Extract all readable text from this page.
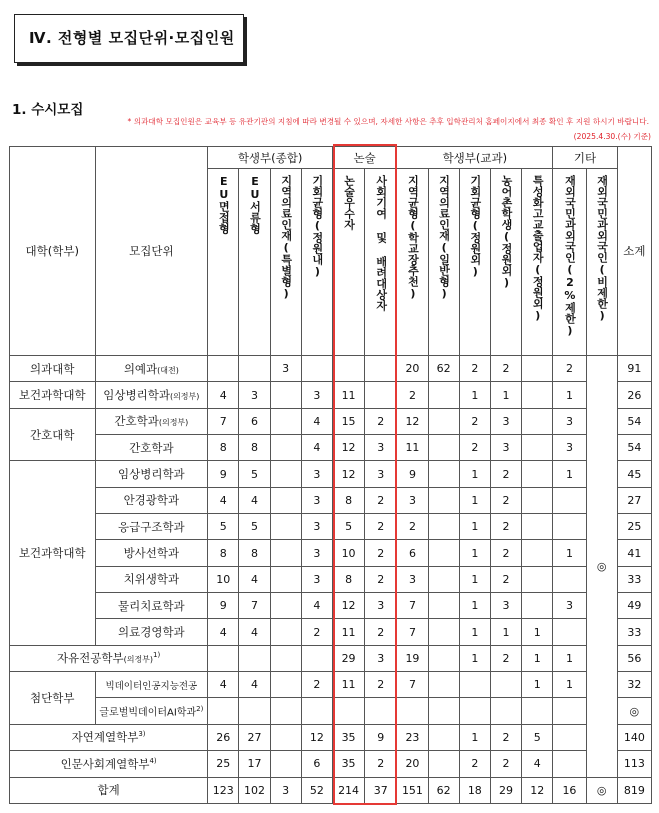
Ⅳ. 전형별 모집단위·모집인원
1. 수시모집
* 의과대학 모집인원은 교육부 등 유관기관의 지침에 따라 변경될 수 있으며, 자세한 사항은 추후 입학관리처 홈페이지에서 최종 확인 후 지원 하시기 바랍니다.
(2025.4.30.(수) 기준)
대학(학부)	모집단위	학생부(종합)				논술		학생부(교과)					기타		소계
		EU면접형	EU서류형	지역의료인재(특별형)	기회균형(정원내)	논술우수자	사회기여 및 배려대상자	지역균형(학교장추천)	지역의료인재(일반형)	기회균형(정원외)	농어촌학생(정원외)	특성화고교출업자(정원외)	재외국민과외국인(2%제한)	재외국민과외국인(비제한)	
의과대학	의예과(대전)			3				20	62	2	2		2	◎	91
보건과학대학	임상병리학과(의정부)	4	3		3	11		2		1	1		1		26
간호대학	간호학과(의정부)	7	6		4	15	2	12		2	3		3		54
	간호학과	8	8		4	12	3	11		2	3		3		54
보건과학대학	임상병리학과	9	5		3	12	3	9		1	2		1		45
	안경광학과	4	4		3	8	2	3		1	2				27
	응급구조학과	5	5		3	5	2	2		1	2				25
	방사선학과	8	8		3	10	2	6		1	2		1		41
	치위생학과	10	4		3	8	2	3		1	2				33
	물리치료학과	9	7		4	12	3	7		1	3		3		49
	의료경영학과	4	4		2	11	2	7		1	1	1			33
자유전공학부(의정부)$^{1)}$						29	3	19		1	2	1	1		56
첨단학부	빅데이터인공지능전공	4	4		2	11	2	7				1	1		32
	글로벌빅데이터AI학과$^{2)}$														◎
자연계열학부$^{3)}$		26	27		12	35	9	23		1	2	5			140
인문사회계열학부$^{4)}$		25	17		6	35	2	20		2	2	4			113
합계		123	102	3	52	214	37	151	62	18	29	12	16	◎	819
